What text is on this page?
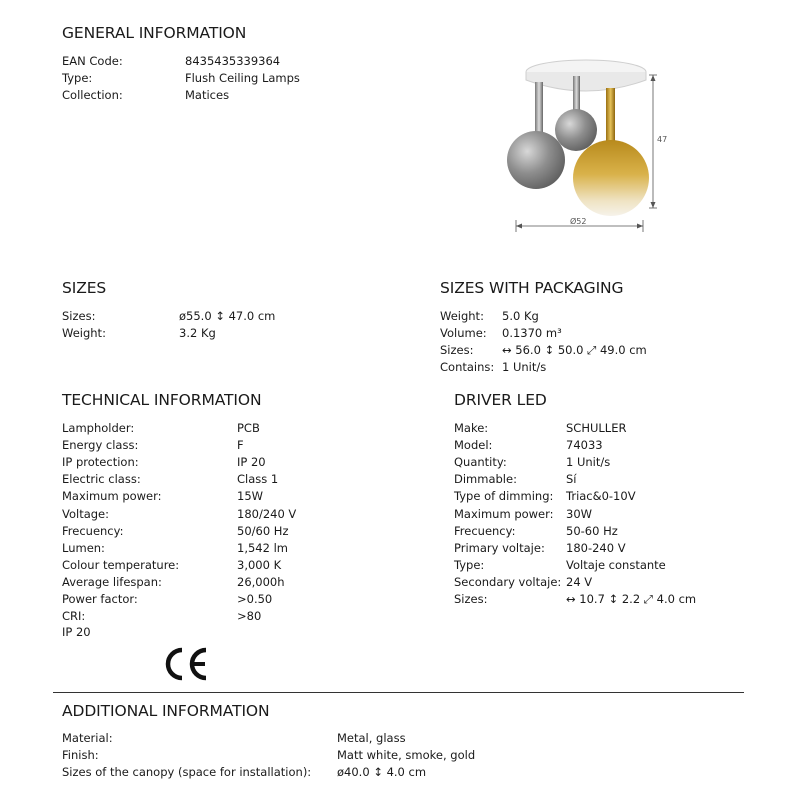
GENERAL INFORMATION
EAN Code:	8435435339364
Type:	Flush Ceiling Lamps
Collection:	Matices
47
Ø52
SIZES
Sizes:	ø55.0 ↕ 47.0 cm
Weight:	3.2 Kg
SIZES WITH PACKAGING
Weight: 5.0 Kg
Volume: 0.1370 m³
Sizes: ↔ 56.0 ↕ 50.0 ⤢ 49.0 cm
Contains: 1 Unit/s
TECHNICAL INFORMATION
Lampholder:	PCB
Energy class:	F
IP protection:	IP 20
Electric class:	Class 1
Maximum power:	15W
Voltage:	180/240 V
Frecuency:	50/60 Hz
Lumen:	1,542 lm
Colour temperature:	3,000 K
Average lifespan:	26,000h
Power factor:	>0.50
CRI:	>80
IP 20
DRIVER LED
Make:	SCHULLER
Model:	74033
Quantity:	1 Unit/s
Dimmable:	Sí
Type of dimming: Triac&0-10V
Maximum power: 30W
Frecuency:	50-60 Hz
Primary voltaje: 180-240 V
Type:	Voltaje constante
Secondary voltaje: 24 V
Sizes:	↔ 10.7 ↕ 2.2 ⤢ 4.0 cm
ADDITIONAL INFORMATION
Material:	Metal, glass
Finish:	Matt white, smoke, gold
Sizes of the canopy (space for installation): ø40.0 ↕ 4.0 cm
